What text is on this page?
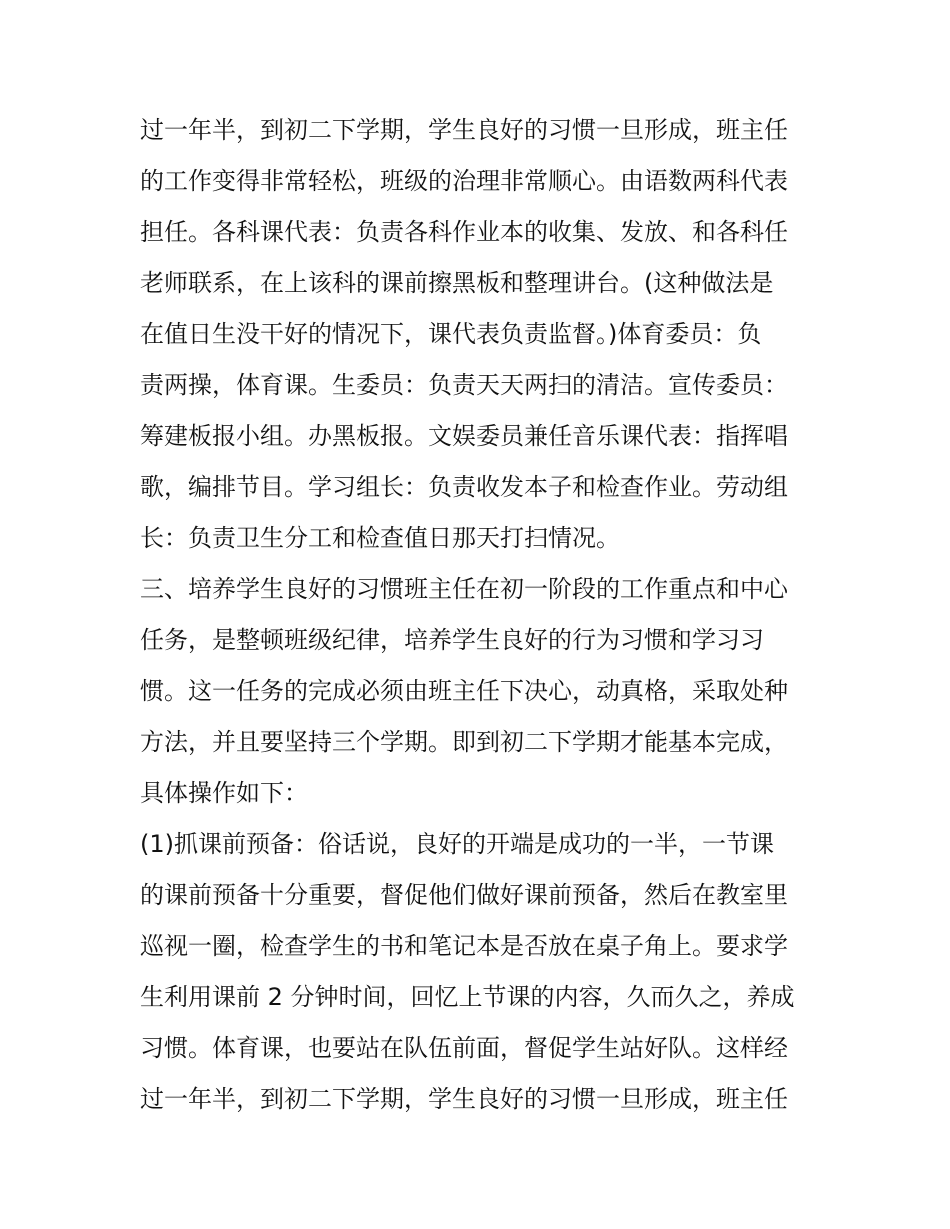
过一年半，到初二下学期，学生良好的习惯一旦形成，班主任

的工作变得非常轻松，班级的治理非常顺心。由语数两科代表

担任。各科课代表：负责各科作业本的收集、发放、和各科任

老师联系，在上该科的课前擦黑板和整理讲台。(这种做法是

在值日生没干好的情况下，课代表负责监督。)体育委员：负

责两操，体育课。生委员：负责天天两扫的清洁。宣传委员：

筹建板报小组。办黑板报。文娱委员兼任音乐课代表：指挥唱

歌，编排节目。学习组长：负责收发本子和检查作业。劳动组

长：负责卫生分工和检查值日那天打扫情况。

三、培养学生良好的习惯班主任在初一阶段的工作重点和中心

任务，是整顿班级纪律，培养学生良好的行为习惯和学习习

惯。这一任务的完成必须由班主任下决心，动真格，采取处种

方法，并且要坚持三个学期。即到初二下学期才能基本完成，

具体操作如下：

(1)抓课前预备：俗话说，良好的开端是成功的一半，一节课

的课前预备十分重要，督促他们做好课前预备，然后在教室里

巡视一圈，检查学生的书和笔记本是否放在桌子角上。要求学

生利用课前 2 分钟时间，回忆上节课的内容，久而久之，养成

习惯。体育课，也要站在队伍前面，督促学生站好队。这样经

过一年半，到初二下学期，学生良好的习惯一旦形成，班主任
